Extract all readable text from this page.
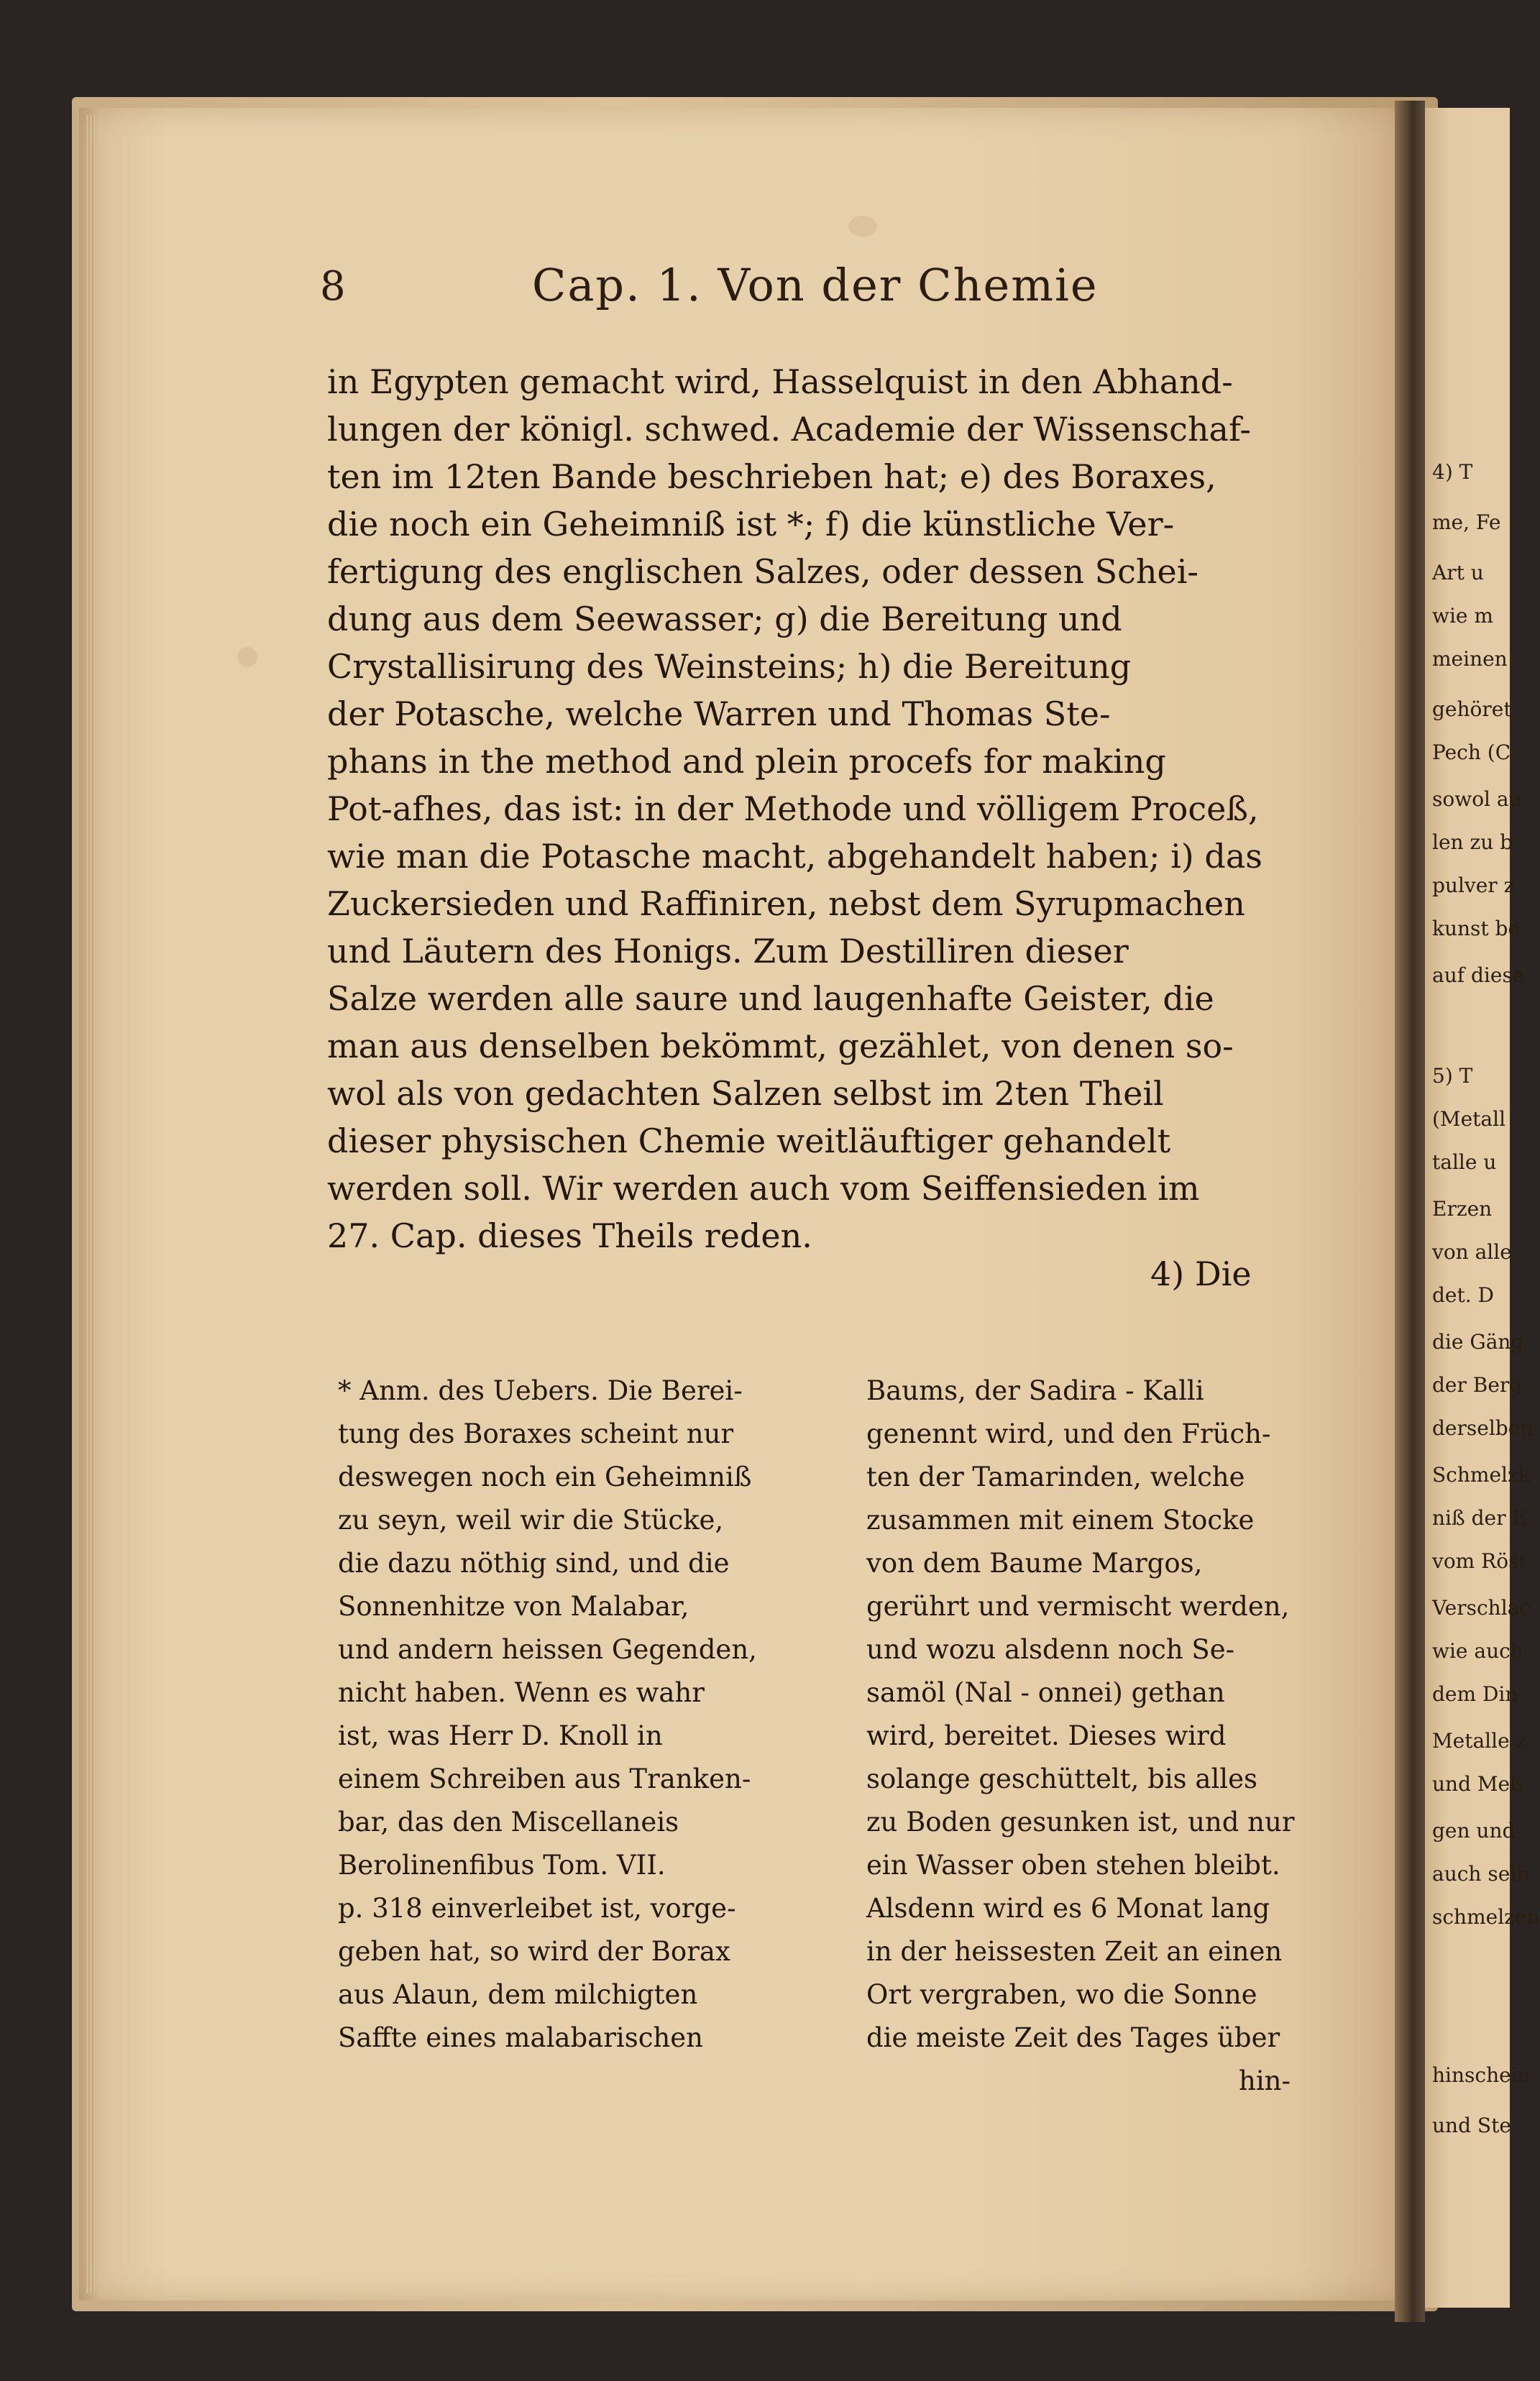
4) T
me, Fe
Art u
wie m
meinen
gehöret
Pech (C
sowol au
len zu b
pulver z
kunst be
auf diese
5) T
(Metall
talle u
Erzen
von alle
det. D
die Gäng
der Berg
derselben
Schmelzk
niß der E
vom Röst
Verschlac
wie auch
dem Din
Metalle z
und Meß
gen und
auch selb
schmelzen
hinschein
und Ste
8	Cap. 1. Von der Chemie
in Egypten gemacht wird, Hasselquist in den Abhand-
lungen der königl. schwed. Academie der Wissenschaf-
ten im 12ten Bande beschrieben hat; e) des Boraxes,
die noch ein Geheimniß ist *; f) die künstliche Ver-
fertigung des englischen Salzes, oder dessen Schei-
dung aus dem Seewasser; g) die Bereitung und
Crystallisirung des Weinsteins; h) die Bereitung
der Potasche, welche Warren und Thomas Ste-
phans in the method and plein procefs for making
Pot-afhes, das ist: in der Methode und völligem Proceß,
wie man die Potasche macht, abgehandelt haben; i) das
Zuckersieden und Raffiniren, nebst dem Syrupmachen
und Läutern des Honigs. Zum Destilliren dieser
Salze werden alle saure und laugenhafte Geister, die
man aus denselben bekömmt, gezählet, von denen so-
wol als von gedachten Salzen selbst im 2ten Theil
dieser physischen Chemie weitläuftiger gehandelt
werden soll. Wir werden auch vom Seiffensieden im
27. Cap. dieses Theils reden.
4) Die
* Anm. des Uebers. Die Berei-
tung des Boraxes scheint nur
deswegen noch ein Geheimniß
zu seyn, weil wir die Stücke,
die dazu nöthig sind, und die
Sonnenhitze von Malabar,
und andern heissen Gegenden,
nicht haben. Wenn es wahr
ist, was Herr D. Knoll in
einem Schreiben aus Tranken-
bar, das den Miscellaneis
Berolinenfibus Tom. VII.
p. 318 einverleibet ist, vorge-
geben hat, so wird der Borax
aus Alaun, dem milchigten
Saffte eines malabarischen
Baums, der Sadira - Kalli
genennt wird, und den Früch-
ten der Tamarinden, welche
zusammen mit einem Stocke
von dem Baume Margos,
gerührt und vermischt werden,
und wozu alsdenn noch Se-
samöl (Nal - onnei) gethan
wird, bereitet. Dieses wird
solange geschüttelt, bis alles
zu Boden gesunken ist, und nur
ein Wasser oben stehen bleibt.
Alsdenn wird es 6 Monat lang
in der heissesten Zeit an einen
Ort vergraben, wo die Sonne
die meiste Zeit des Tages über
hin-
